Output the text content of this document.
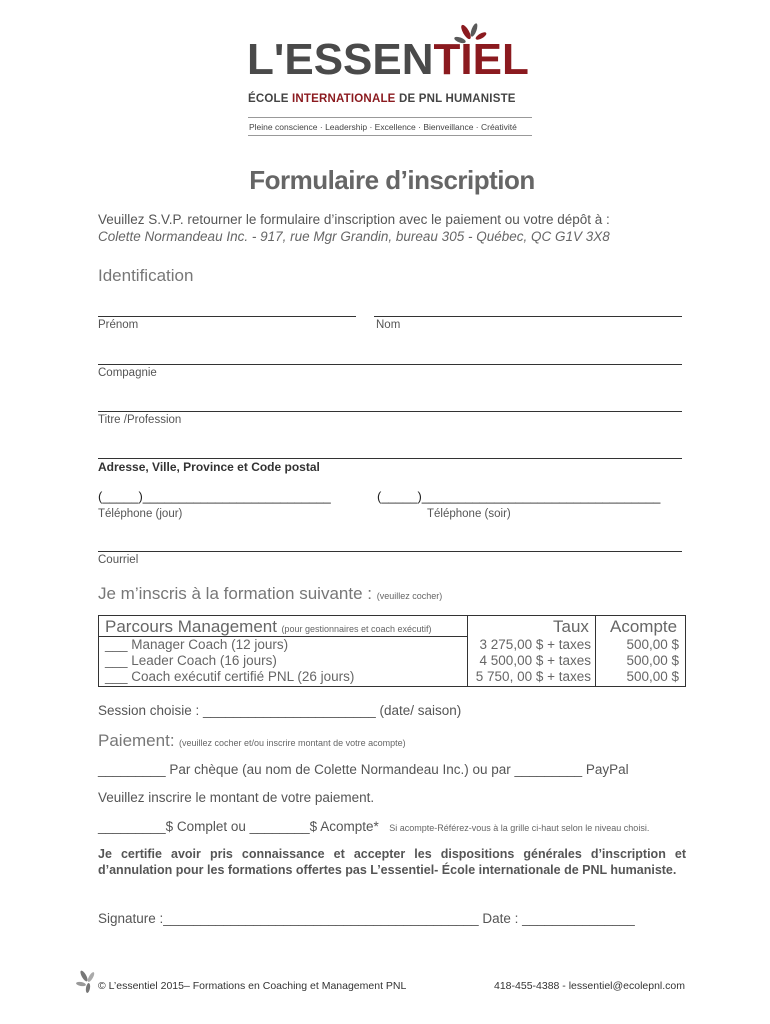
L'ESSENTIEL
ÉCOLE INTERNATIONALE DE PNL HUMANISTE
Pleine conscience · Leadership · Excellence · Bienveillance · Créativité
Formulaire d’inscription
Veuillez S.V.P. retourner le formulaire d’inscription avec le paiement ou votre dépôt à :
Colette Normandeau Inc. - 917, rue Mgr Grandin, bureau 305 - Québec, QC G1V 3X8
Identification
Prénom	Nom
Compagnie
Titre /Profession
Adresse, Ville, Province et Code postal
(_____)__________________________	(_____)_________________________________
Téléphone (jour)	Téléphone (soir)
Courriel
Je m’inscris à la formation suivante : (veuillez cocher)
Parcours Management (pour gestionnaires et coach exécutif)	Taux Acompte
___ Manager Coach (12 jours)	3 275,00 $ + taxes	500,00 $
___ Leader Coach (16 jours)	4 500,00 $ + taxes	500,00 $
___ Coach exécutif certifié PNL (26 jours)	5 750, 00 $ + taxes	500,00 $
Session choisie : _______________________ (date/ saison)
Paiement: (veuillez cocher et/ou inscrire montant de votre acompte)
_________ Par chèque (au nom de Colette Normandeau Inc.) ou par _________ PayPal
Veuillez inscrire le montant de votre paiement.
_________$ Complet ou ________$ Acompte* Si acompte-Référez-vous à la grille ci-haut selon le niveau choisi.
Je certifie avoir pris connaissance et accepter les dispositions générales d’inscription et d’annulation pour les formations offertes pas L’essentiel- École internationale de PNL humaniste.
Signature :__________________________________________ Date : _______________
© L’essentiel 2015– Formations en Coaching et Management PNL	418-455-4388 - lessentiel@ecolepnl.com
